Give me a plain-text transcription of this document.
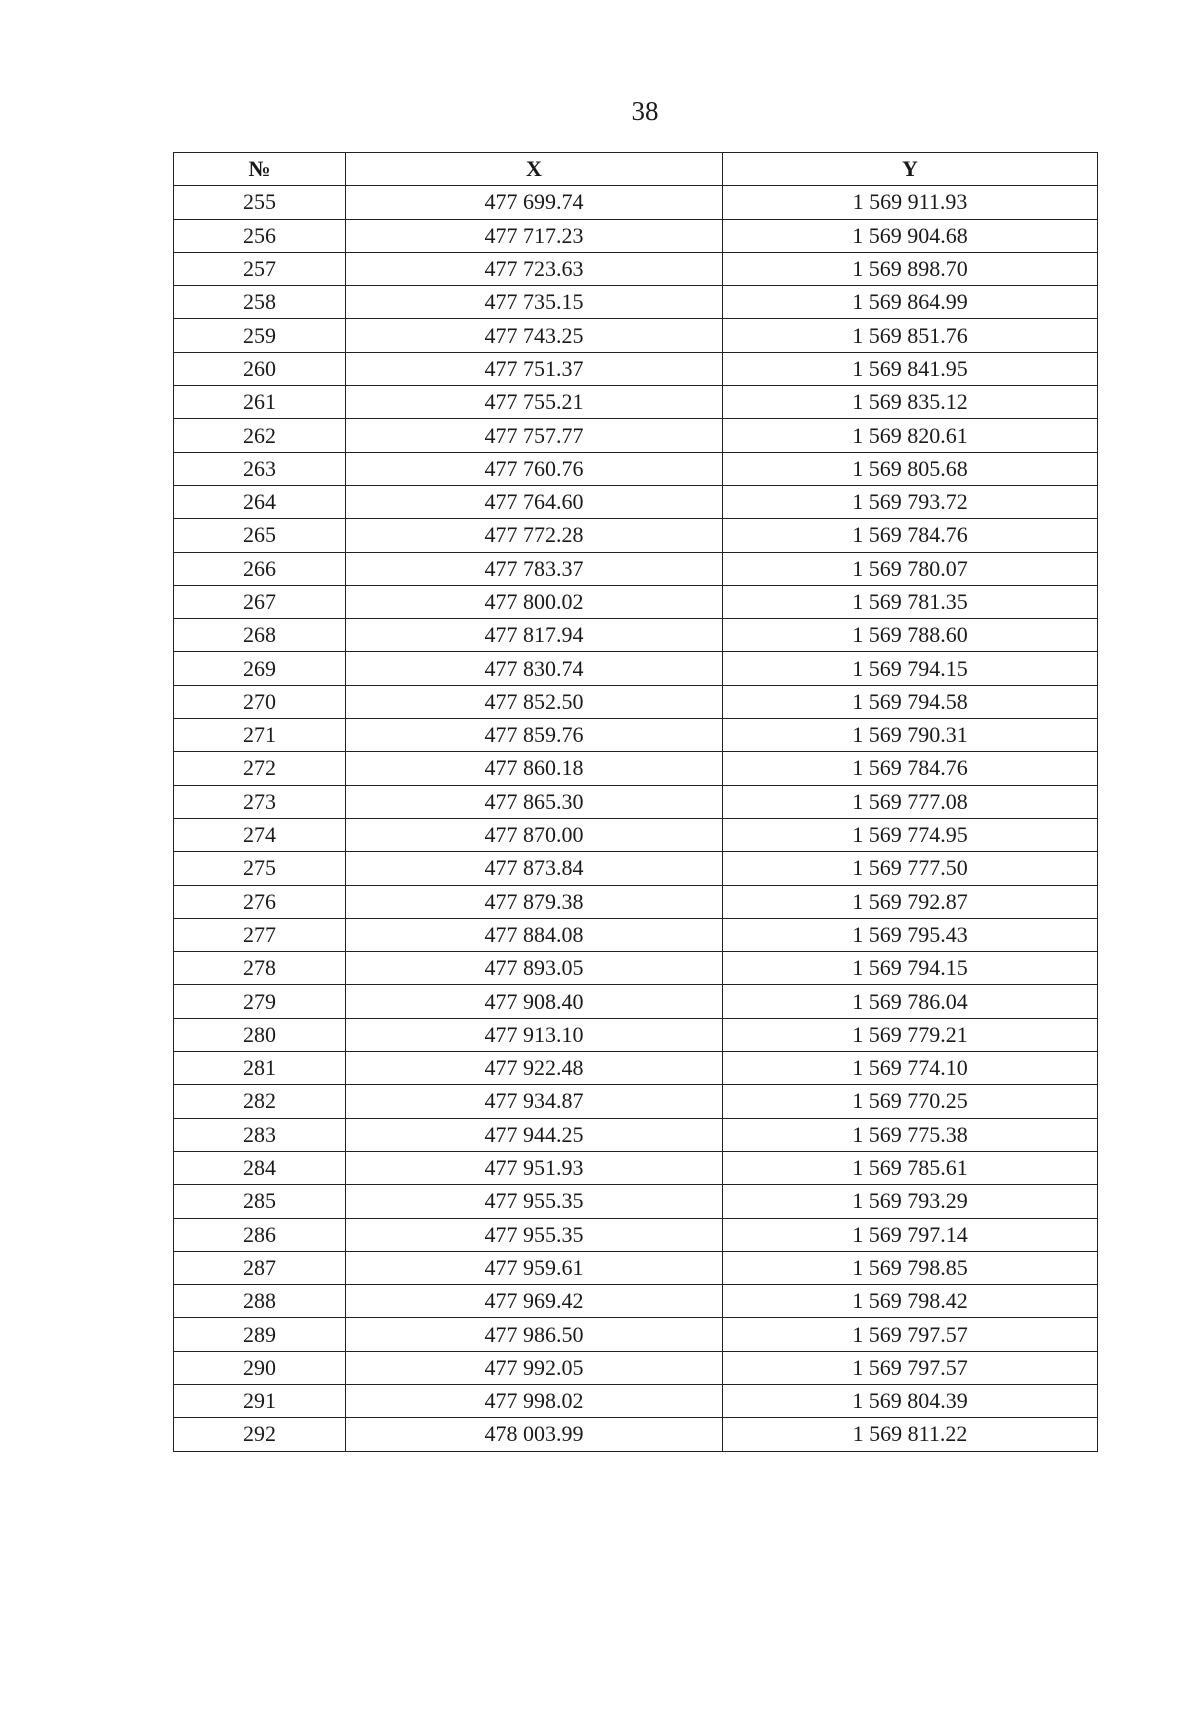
38
№	X	Y
255	477 699.74	1 569 911.93
256	477 717.23	1 569 904.68
257	477 723.63	1 569 898.70
258	477 735.15	1 569 864.99
259	477 743.25	1 569 851.76
260	477 751.37	1 569 841.95
261	477 755.21	1 569 835.12
262	477 757.77	1 569 820.61
263	477 760.76	1 569 805.68
264	477 764.60	1 569 793.72
265	477 772.28	1 569 784.76
266	477 783.37	1 569 780.07
267	477 800.02	1 569 781.35
268	477 817.94	1 569 788.60
269	477 830.74	1 569 794.15
270	477 852.50	1 569 794.58
271	477 859.76	1 569 790.31
272	477 860.18	1 569 784.76
273	477 865.30	1 569 777.08
274	477 870.00	1 569 774.95
275	477 873.84	1 569 777.50
276	477 879.38	1 569 792.87
277	477 884.08	1 569 795.43
278	477 893.05	1 569 794.15
279	477 908.40	1 569 786.04
280	477 913.10	1 569 779.21
281	477 922.48	1 569 774.10
282	477 934.87	1 569 770.25
283	477 944.25	1 569 775.38
284	477 951.93	1 569 785.61
285	477 955.35	1 569 793.29
286	477 955.35	1 569 797.14
287	477 959.61	1 569 798.85
288	477 969.42	1 569 798.42
289	477 986.50	1 569 797.57
290	477 992.05	1 569 797.57
291	477 998.02	1 569 804.39
292	478 003.99	1 569 811.22
